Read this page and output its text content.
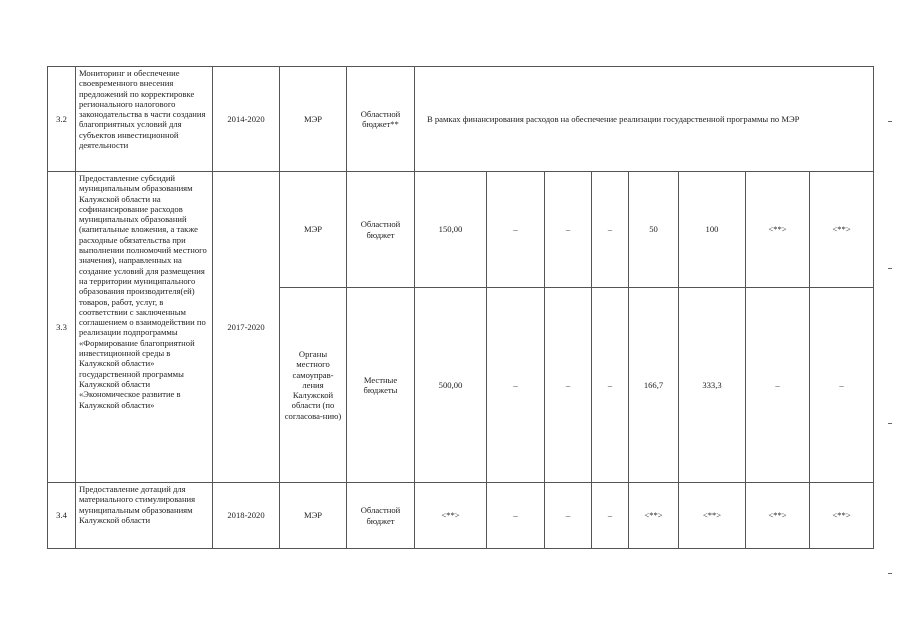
3.2	Мониторинг и обеспечение своевременного внесения предложений по корректировке регионального налогового законодательства в части создания благоприятных условий для субъектов инвестиционной деятельности	2014-2020	МЭР	Областной бюджет**	В рамках финансирования расходов на обеспечение реализации государственной программы по МЭР							
3.3	Предоставление субсидий муниципальным образованиям Калужской области на софинансирование расходов муниципальных образований (капитальные вложения, а также расходные обязательства при выполнении полномочий местного значения), направленных на создание условий для размещения на территории муниципального образования производителя(ей) товаров, работ, услуг, в соответствии с заключенным соглашением о взаимодействии по реализации подпрограммы «Формирование благоприятной инвестиционной среды в Калужской области» государственной программы Калужской области «Экономическое развитие в Калужской области»	2017-2020	МЭР	Областной бюджет	150,00	–	–	–	50	100	<**>	<**>
			Органы местного самоуправ-ления Калужской области (по согласова-нию)	Местные бюджеты	500,00	–	–	–	166,7	333,3	–	–
3.4	Предоставление дотаций для материального стимулирования муниципальным образованиям Калужской области	2018-2020	МЭР	Областной бюджет	<**>	–	–	–	<**>	<**>	<**>	<**>
